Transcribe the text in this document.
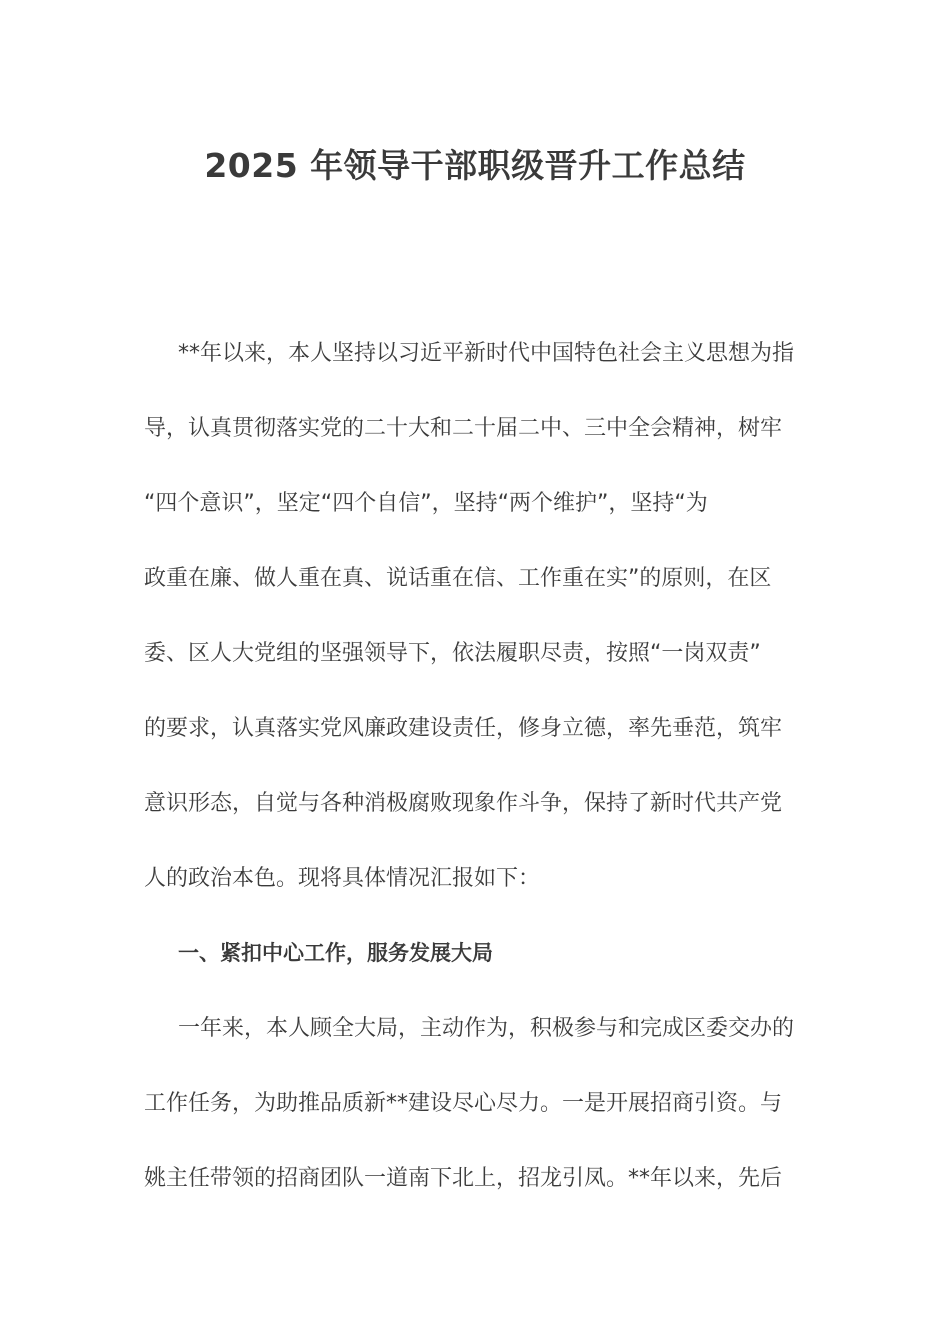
2025 年领导干部职级晋升工作总结
**年以来，本人坚持以习近平新时代中国特色社会主义思想为指
导，认真贯彻落实党的二十大和二十届二中、三中全会精神，树牢
“四个意识”，坚定“四个自信”，坚持“两个维护”，坚持“为
政重在廉、做人重在真、说话重在信、工作重在实”的原则，在区
委、区人大党组的坚强领导下，依法履职尽责，按照“一岗双责”
的要求，认真落实党风廉政建设责任，修身立德，率先垂范，筑牢
意识形态，自觉与各种消极腐败现象作斗争，保持了新时代共产党
人的政治本色。现将具体情况汇报如下：
一、紧扣中心工作，服务发展大局
一年来，本人顾全大局，主动作为，积极参与和完成区委交办的
工作任务，为助推品质新**建设尽心尽力。一是开展招商引资。与
姚主任带领的招商团队一道南下北上，招龙引凤。**年以来，先后
